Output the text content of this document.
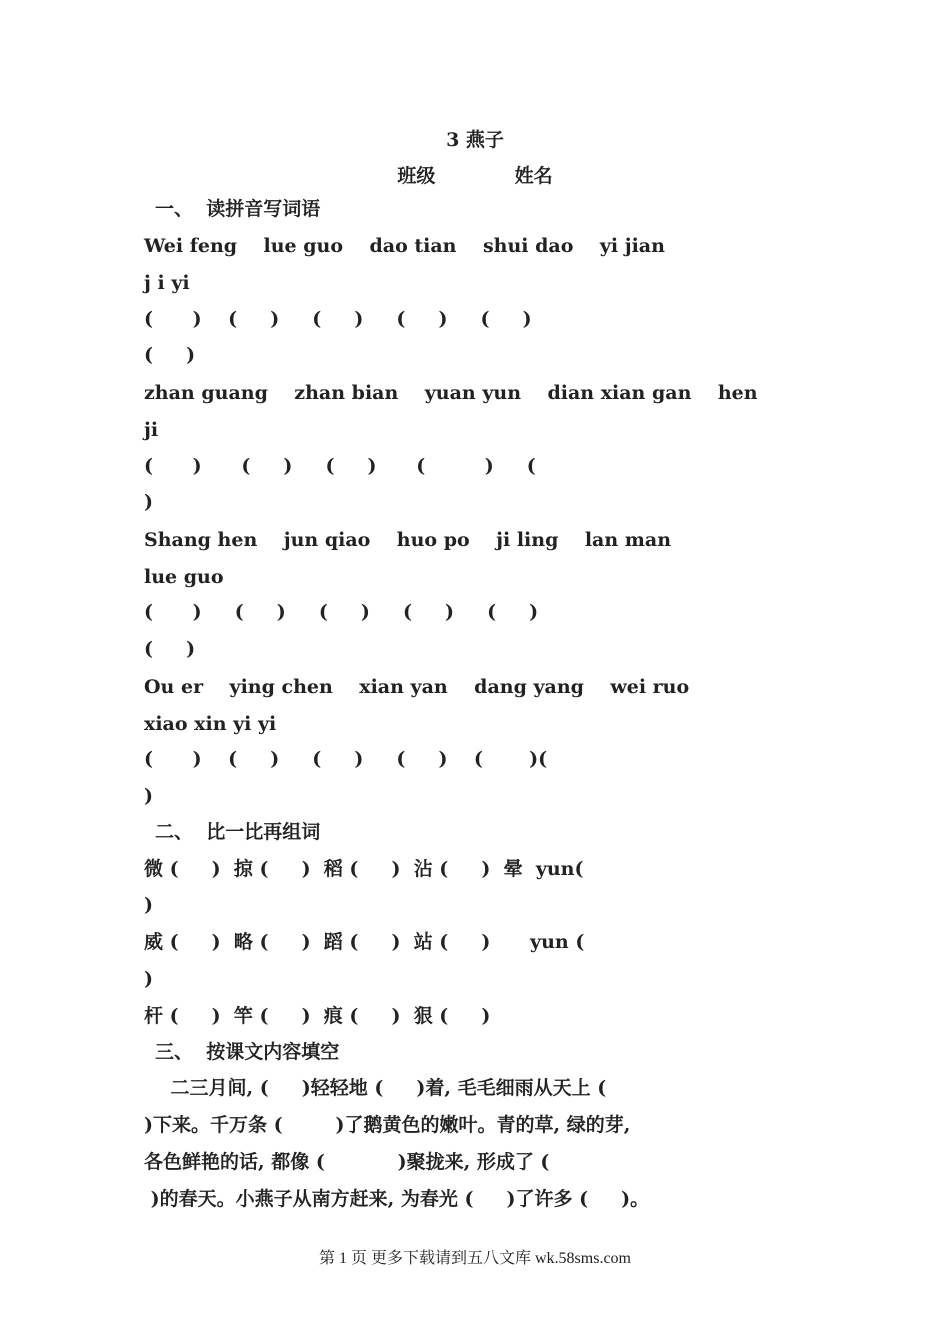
3 燕子
班级	姓名
一、  读拼音写词语
Wei feng    lue guo    dao tian    shui dao    yi jian
j i yi
(      )    (     )     (     )     (     )     (     )
(     )
zhan guang    zhan bian    yuan yun    dian xian gan    hen
ji
(      )      (     )     (     )      (         )     (
)
Shang hen    jun qiao    huo po    ji ling    lan man
lue guo
(      )     (     )     (     )     (     )     (     )
(     )
Ou er    ying chen    xian yan    dang yang    wei ruo
xiao xin yi yi
(      )    (     )     (     )     (     )    (       )(
)
二、  比一比再组词
微 (     )  掠 (     )  稻 (     )  沾 (     )  晕  yun(
)
威 (     )  略 (     )  蹈 (     )  站 (     )      yun (
)
杆 (     )  竿 (     )  痕 (     )  狠 (     )
三、  按课文内容填空
二三月间, (     )轻轻地 (     )着, 毛毛细雨从天上 (
)下来。千万条 (        )了鹅黄色的嫩叶。青的草, 绿的芽,
各色鲜艳的话, 都像 (           )聚拢来, 形成了 (
)的春天。小燕子从南方赶来, 为春光 (     )了许多 (     )。
第 1 页 更多下载请到五八文库 wk.58sms.com
